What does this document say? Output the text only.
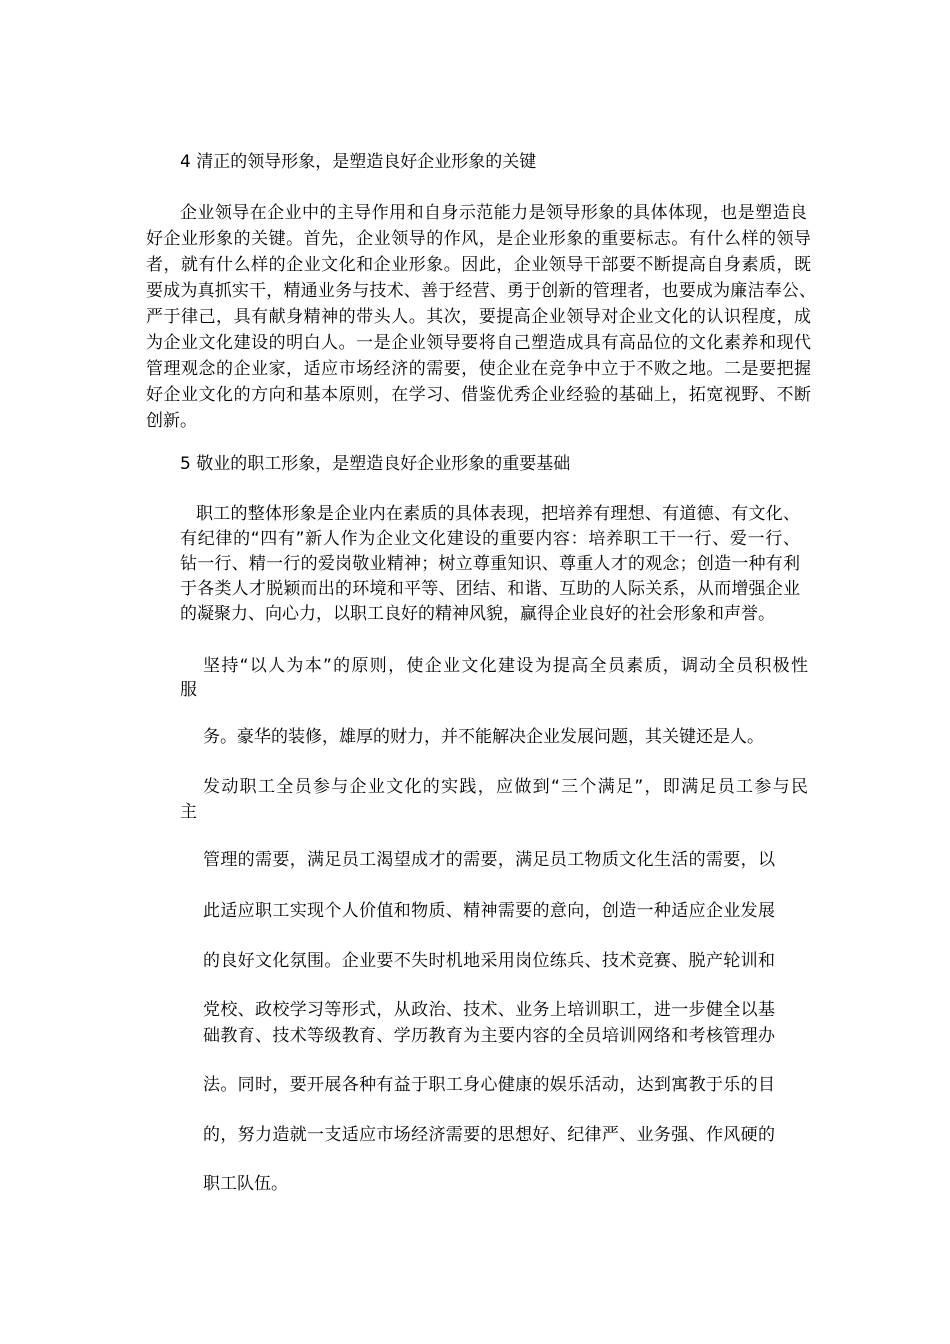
4 清正的领导形象，是塑造良好企业形象的关键
企业领导在企业中的主导作用和自身示范能力是领导形象的具体体现，也是塑造良
好企业形象的关键。首先，企业领导的作风，是企业形象的重要标志。有什么样的领导
者，就有什么样的企业文化和企业形象。因此，企业领导干部要不断提高自身素质，既
要成为真抓实干，精通业务与技术、善于经营、勇于创新的管理者，也要成为廉洁奉公、
严于律己，具有献身精神的带头人。其次，要提高企业领导对企业文化的认识程度，成
为企业文化建设的明白人。一是企业领导要将自己塑造成具有高品位的文化素养和现代
管理观念的企业家，适应市场经济的需要，使企业在竞争中立于不败之地。二是要把握
好企业文化的方向和基本原则，在学习、借鉴优秀企业经验的基础上，拓宽视野、不断
创新。
5 敬业的职工形象，是塑造良好企业形象的重要基础
职工的整体形象是企业内在素质的具体表现，把培养有理想、有道德、有文化、
有纪律的“四有”新人作为企业文化建设的重要内容：培养职工干一行、爱一行、
钻一行、精一行的爱岗敬业精神；树立尊重知识、尊重人才的观念；创造一种有利
于各类人才脱颖而出的环境和平等、团结、和谐、互助的人际关系，从而增强企业
的凝聚力、向心力，以职工良好的精神风貌，赢得企业良好的社会形象和声誉。
坚持“以人为本”的原则，使企业文化建设为提高全员素质，调动全员积极性
服
务。豪华的装修，雄厚的财力，并不能解决企业发展问题，其关键还是人。
发动职工全员参与企业文化的实践，应做到“三个满足”，即满足员工参与民
主
管理的需要，满足员工渴望成才的需要，满足员工物质文化生活的需要，以
此适应职工实现个人价值和物质、精神需要的意向，创造一种适应企业发展
的良好文化氛围。企业要不失时机地采用岗位练兵、技术竞赛、脱产轮训和
党校、政校学习等形式，从政治、技术、业务上培训职工，进一步健全以基
础教育、技术等级教育、学历教育为主要内容的全员培训网络和考核管理办
法。同时，要开展各种有益于职工身心健康的娱乐活动，达到寓教于乐的目
的，努力造就一支适应市场经济需要的思想好、纪律严、业务强、作风硬的
职工队伍。
